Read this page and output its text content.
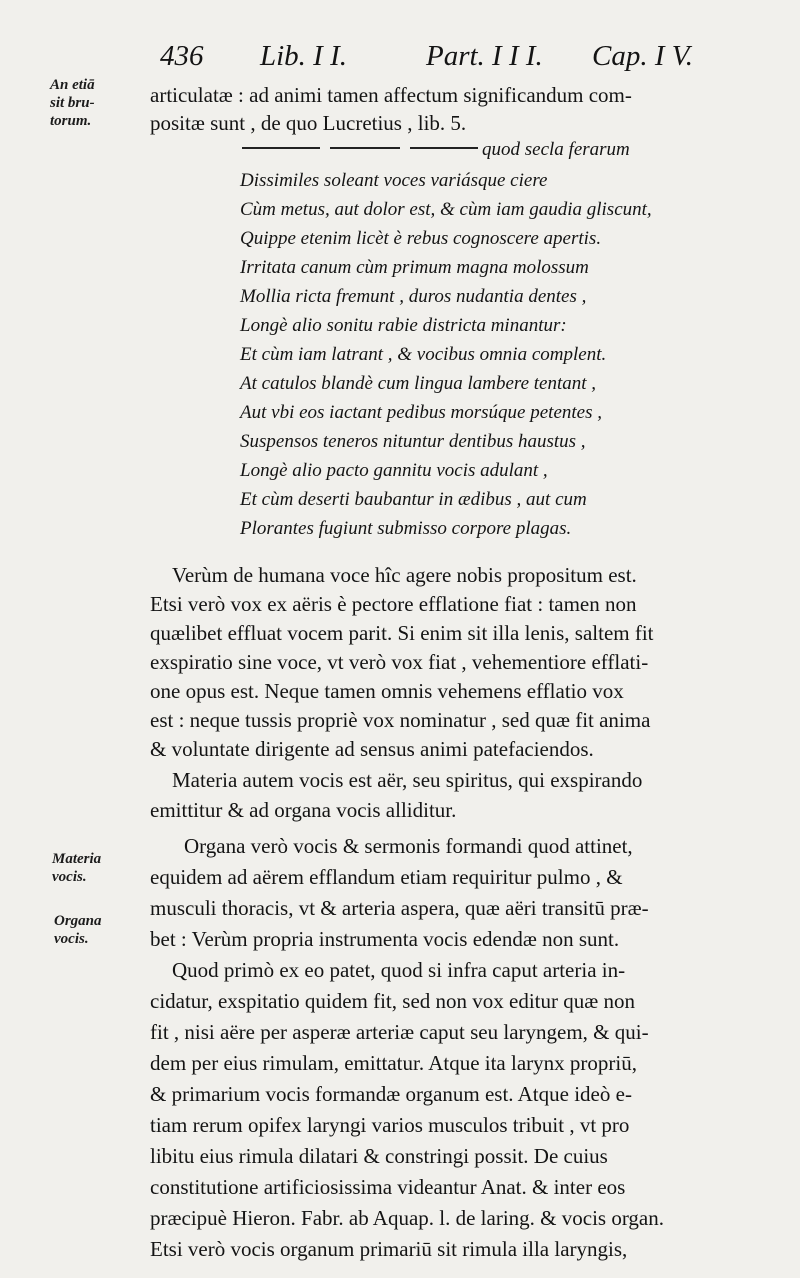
436 Lib. I I.	Part. I I I. Cap. I V.
An etiā
sit bru-
torum.
Materia
vocis.
Organa
vocis.
articulatæ : ad animi tamen affectum significandum com-
positæ sunt , de quo Lucretius , lib. 5.
quod secla ferarum
Dissimiles soleant voces variásque ciere
Cùm metus, aut dolor est, & cùm iam gaudia gliscunt,
Quippe etenim licèt è rebus cognoscere apertis.
Irritata canum cùm primum magna molossum
Mollia ricta fremunt , duros nudantia dentes ,
Longè alio sonitu rabie districta minantur:
Et cùm iam latrant , & vocibus omnia complent.
At catulos blandè cum lingua lambere tentant ,
Aut vbi eos iactant pedibus morsúque petentes ,
Suspensos teneros nituntur dentibus haustus ,
Longè alio pacto gannitu vocis adulant ,
Et cùm deserti baubantur in ædibus , aut cum
Plorantes fugiunt submisso corpore plagas.
Verùm de humana voce hîc agere nobis propositum est.
Etsi verò vox ex aëris è pectore efflatione fiat : tamen non
quælibet effluat vocem parit. Si enim sit illa lenis, saltem fit
exspiratio sine voce, vt verò vox fiat , vehementiore efflati-
one opus est. Neque tamen omnis vehemens efflatio vox
est : neque tussis propriè vox nominatur , sed quæ fit anima
& voluntate dirigente ad sensus animi patefaciendos.
Materia autem vocis est aër, seu spiritus, qui exspirando
emittitur & ad organa vocis alliditur.
Organa verò vocis & sermonis formandi quod attinet,
equidem ad aërem efflandum etiam requiritur pulmo , &
musculi thoracis, vt & arteria aspera, quæ aëri transitū præ-
bet : Verùm propria instrumenta vocis edendæ non sunt.
Quod primò ex eo patet, quod si infra caput arteria in-
cidatur, exspitatio quidem fit, sed non vox editur quæ non
fit , nisi aëre per asperæ arteriæ caput seu laryngem, & qui-
dem per eius rimulam, emittatur. Atque ita larynx propriū,
& primarium vocis formandæ organum est. Atque ideò e-
tiam rerum opifex laryngi varios musculos tribuit , vt pro
libitu eius rimula dilatari & constringi possit. De cuius
constitutione artificiosissima videantur Anat. & inter eos
præcipuè Hieron. Fabr. ab Aquap. l. de laring. & vocis organ.
Etsi verò vocis organum primariū sit rimula illa laryngis,
